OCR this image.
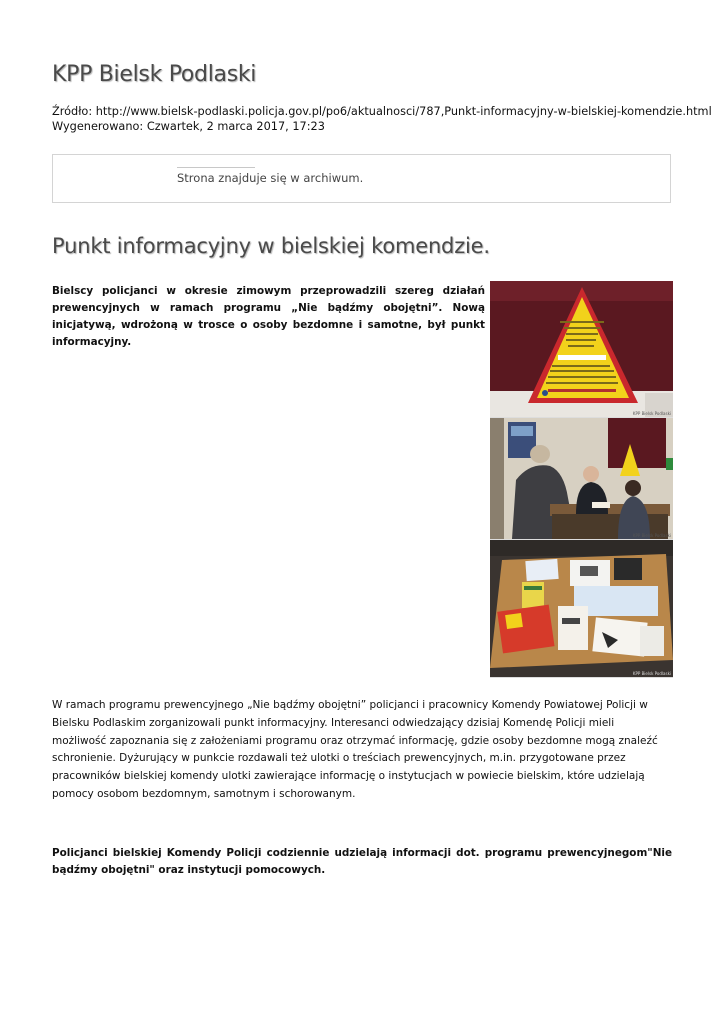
KPP Bielsk Podlaski
Źródło: http://www.bielsk-podlaski.policja.gov.pl/po6/aktualnosci/787,Punkt-informacyjny-w-bielskiej-komendzie.html
Wygenerowano: Czwartek, 2 marca 2017, 17:23
Strona znajduje się w archiwum.
Punkt informacyjny w bielskiej komendzie.

Bielscy policjanci w okresie zimowym przeprowadzili szereg działań prewencyjnych w ramach programu „Nie bądźmy obojętni”. Nową inicjatywą, wdrożoną w trosce o osoby bezdomne i samotne, był punkt informacyjny.

KPP Bielsk Podlaski
KPP Bielsk Podlaski
KPP Bielsk Podlaski

W ramach programu prewencyjnego „Nie bądźmy obojętni” policjanci i pracownicy Komendy Powiatowej Policji w Bielsku Podlaskim zorganizowali punkt informacyjny. Interesanci odwiedzający dzisiaj Komendę Policji mieli możliwość zapoznania się z założeniami programu oraz otrzymać informację, gdzie osoby bezdomne mogą znaleźć schronienie. Dyżurujący w punkcie rozdawali też ulotki o treściach prewencyjnych, m.in. przygotowane przez pracowników bielskiej komendy ulotki zawierające informację o instytucjach w powiecie bielskim, które udzielają pomocy osobom bezdomnym, samotnym i schorowanym.

Policjanci bielskiej Komendy Policji codziennie udzielają informacji dot. programu prewencyjnegom"Nie bądźmy obojętni" oraz instytucji pomocowych.
